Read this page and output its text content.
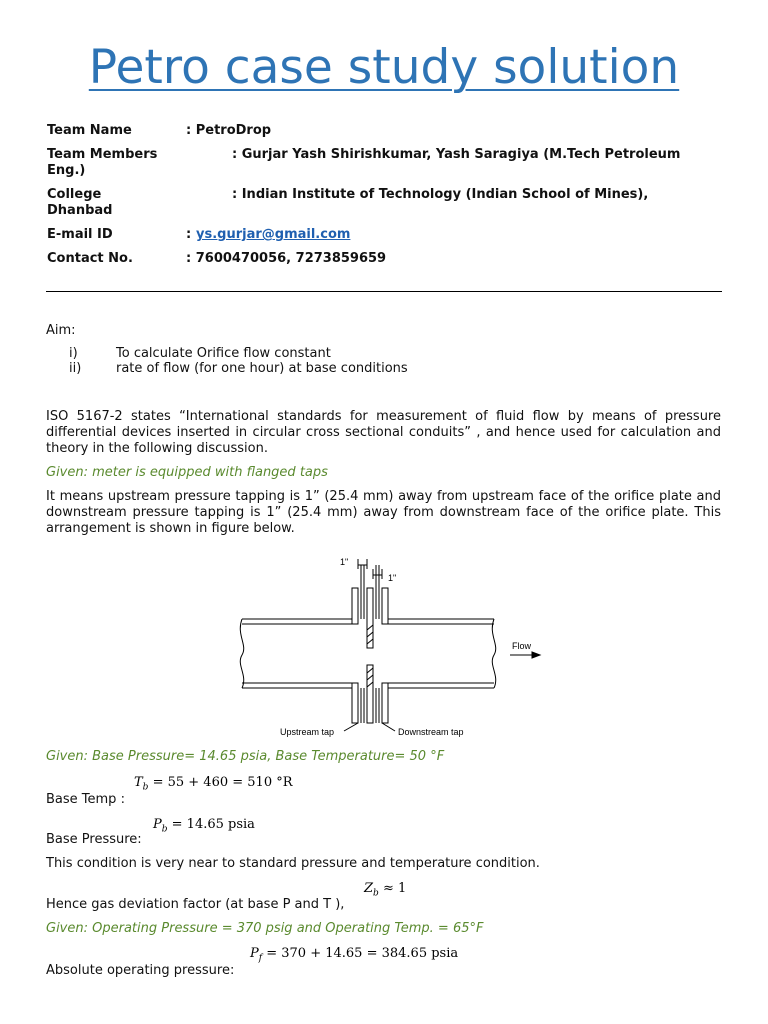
Petro case study solution
Team Name	: PetroDrop
Team Members	: Gurjar Yash Shirishkumar, Yash Saragiya (M.Tech Petroleum
Eng.)
College	: Indian Institute of Technology (Indian School of Mines),
Dhanbad
E-mail ID	: ys.gurjar@gmail.com
Contact No.	: 7600470056, 7273859659
Aim:
i)	To calculate Orifice flow constant
ii)	rate of flow (for one hour) at base conditions
ISO 5167-2 states “International standards for measurement of fluid flow by means of pressure differential devices inserted in circular cross sectional conduits” , and hence used for calculation and theory in the following discussion.
Given: meter is equipped with flanged taps
It means upstream pressure tapping is 1” (25.4 mm) away from upstream face of the orifice plate and downstream pressure tapping is 1” (25.4 mm) away from downstream face of the orifice plate. This arrangement is shown in figure below.
1"
1"
Flow
Upstream tap	Downstream tap
Given: Base Pressure= 14.65 psia, Base Temperature= 50 °F
$T_b = 55 + 460 = 510$ °R
Base Temp :
$P_b = 14.65$ psia
Base Pressure:
This condition is very near to standard pressure and temperature condition.
$Z_b \approx 1$
Hence gas deviation factor (at base P and T ),
Given: Operating Pressure = 370 psig and Operating Temp. = 65°F
$P_f = 370 + 14.65 = 384.65$ psia
Absolute operating pressure:
